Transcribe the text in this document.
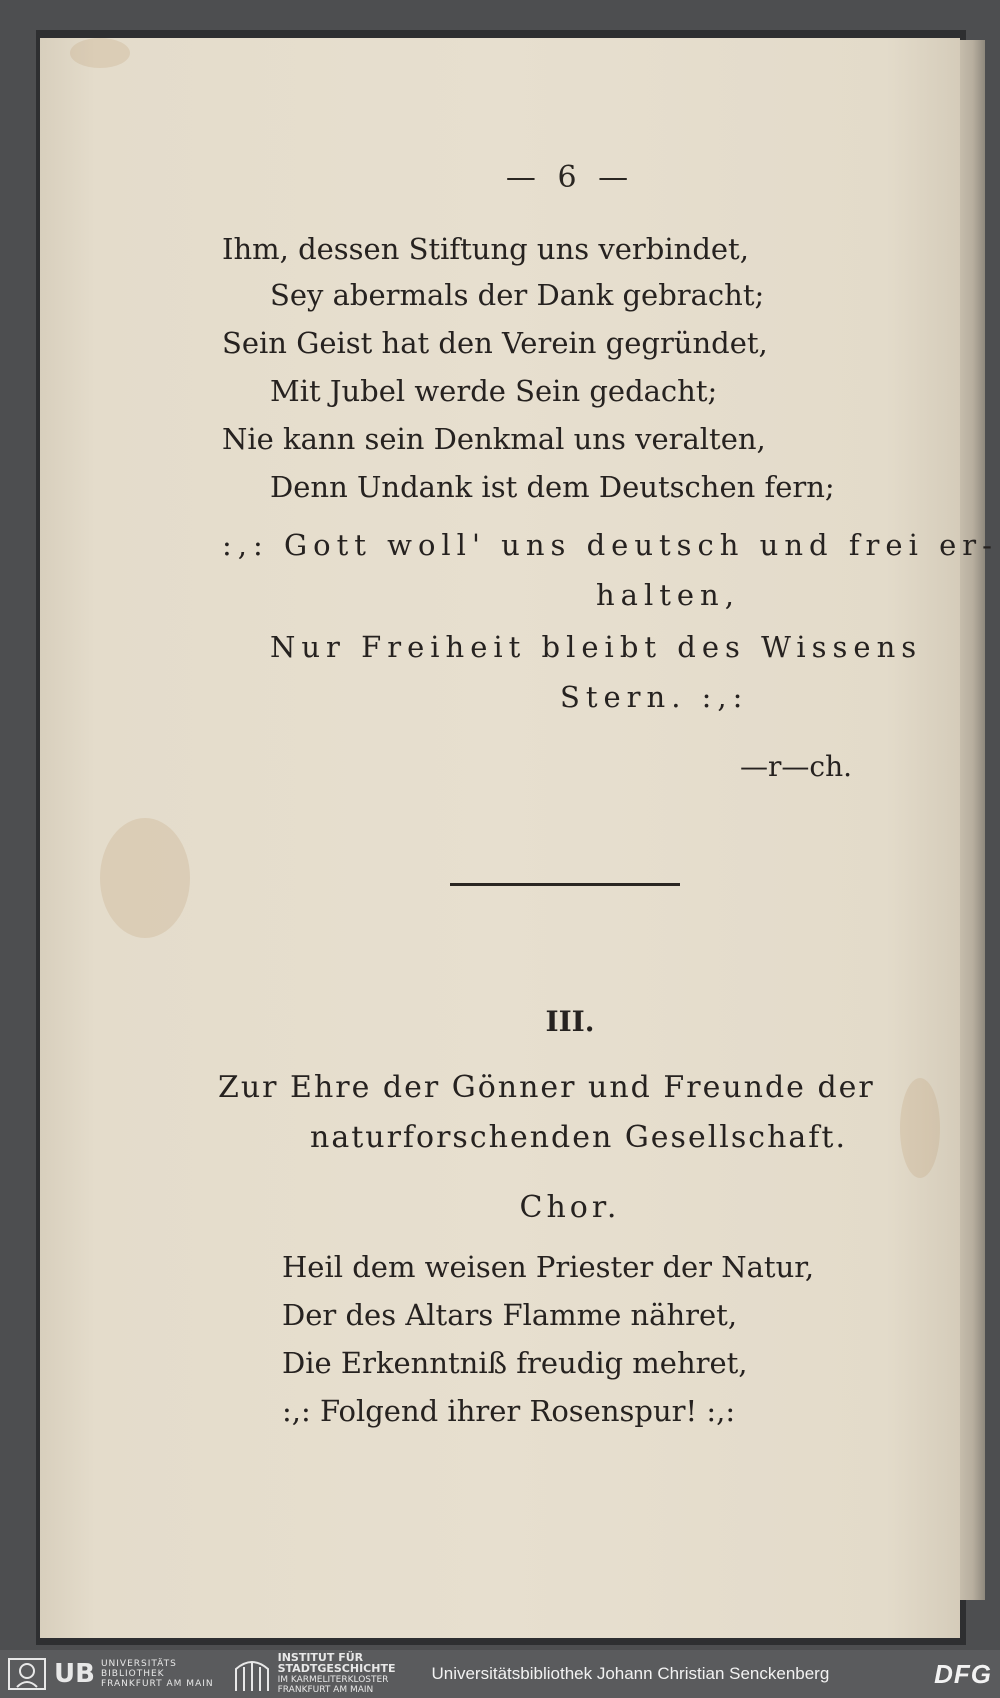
— 6 —
Ihm, dessen Stiftung uns verbindet,
Sey abermals der Dank gebracht;
Sein Geist hat den Verein gegründet,
Mit Jubel werde Sein gedacht;
Nie kann sein Denkmal uns veralten,
Denn Undank ist dem Deutschen fern;
:,: Gott woll' uns deutsch und frei er-
halten,
Nur Freiheit bleibt des Wissens
Stern. :,:
—r—ch.
III.
Zur Ehre der Gönner und Freunde der
naturforschenden Gesellschaft.
Chor.
Heil dem weisen Priester der Natur,
Der des Altars Flamme nähret,
Die Erkenntniß freudig mehret,
:,: Folgend ihrer Rosenspur! :,:
UB UNIVERSITÄTS
BIBLIOTHEK
FRANKFURT AM MAIN
INSTITUT FÜR
STADTGESCHICHTE
IM KARMELITERKLOSTER
FRANKFURT AM MAIN
Universitätsbibliothek Johann Christian Senckenberg	DFG
